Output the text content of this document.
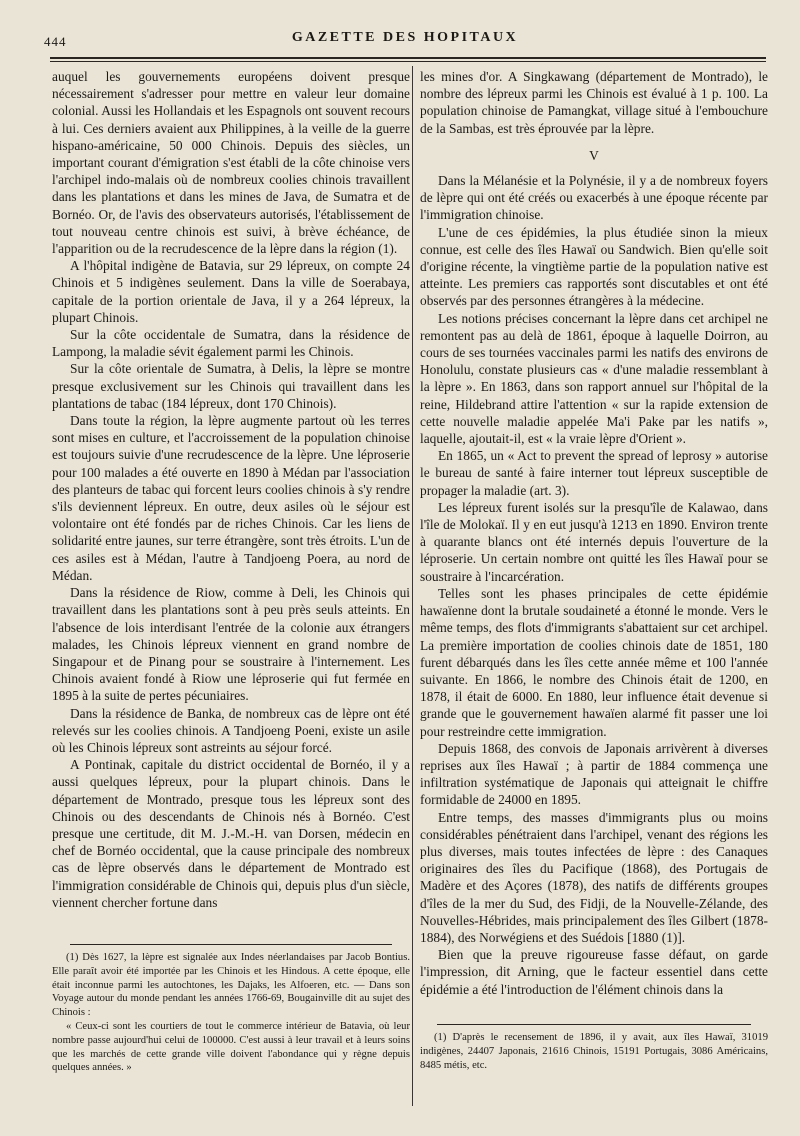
444	GAZETTE DES HOPITAUX

auquel les gouvernements européens doivent presque nécessairement s'adresser pour mettre en valeur leur domaine colonial. Aussi les Hollandais et les Espagnols ont souvent recours à lui. Ces derniers avaient aux Philippines, à la veille de la guerre hispano-américaine, 50 000 Chinois. Depuis des siècles, un important courant d'émigration s'est établi de la côte chinoise vers l'archipel indo-malais où de nombreux coolies chinois travaillent dans les plantations et dans les mines de Java, de Sumatra et de Bornéo. Or, de l'avis des observateurs autorisés, l'établissement de tout nouveau centre chinois est suivi, à brève échéance, de l'apparition ou de la recrudescence de la lèpre dans la région (1).

A l'hôpital indigène de Batavia, sur 29 lépreux, on compte 24 Chinois et 5 indigènes seulement. Dans la ville de Soerabaya, capitale de la portion orientale de Java, il y a 264 lépreux, la plupart Chinois.

Sur la côte occidentale de Sumatra, dans la résidence de Lampong, la maladie sévit également parmi les Chinois.

Sur la côte orientale de Sumatra, à Delis, la lèpre se montre presque exclusivement sur les Chinois qui travaillent dans les plantations de tabac (184 lépreux, dont 170 Chinois).

Dans toute la région, la lèpre augmente partout où les terres sont mises en culture, et l'accroissement de la population chinoise est toujours suivie d'une recrudescence de la lèpre. Une léproserie pour 100 malades a été ouverte en 1890 à Médan par l'association des planteurs de tabac qui forcent leurs coolies chinois à s'y rendre s'ils deviennent lépreux. En outre, deux asiles où le séjour est volontaire ont été fondés par de riches Chinois. Car les liens de solidarité entre jaunes, sur terre étrangère, sont très étroits. L'un de ces asiles est à Médan, l'autre à Tandjoeng Poera, au nord de Médan.

Dans la résidence de Riow, comme à Deli, les Chinois qui travaillent dans les plantations sont à peu près seuls atteints. En l'absence de lois interdisant l'entrée de la colonie aux étrangers malades, les Chinois lépreux viennent en grand nombre de Singapour et de Pinang pour se soustraire à l'internement. Les Chinois avaient fondé à Riow une léproserie qui fut fermée en 1895 à la suite de pertes pécuniaires.

Dans la résidence de Banka, de nombreux cas de lèpre ont été relevés sur les coolies chinois. A Tandjoeng Poeni, existe un asile où les Chinois lépreux sont astreints au séjour forcé.

A Pontinak, capitale du district occidental de Bornéo, il y a aussi quelques lépreux, pour la plupart chinois. Dans le département de Montrado, presque tous les lépreux sont des Chinois ou des descendants de Chinois nés à Bornéo. C'est presque une certitude, dit M. J.-M.-H. van Dorsen, médecin en chef de Bornéo occidental, que la cause principale des nombreux cas de lèpre observés dans le département de Montrado est l'immigration considérable de Chinois qui, depuis plus d'un siècle, viennent chercher fortune dans

(1) Dès 1627, la lèpre est signalée aux Indes néerlandaises par Jacob Bontius. Elle paraît avoir été importée par les Chinois et les Hindous. A cette époque, elle était inconnue parmi les autochtones, les Dajaks, les Alfoeren, etc. — Dans son Voyage autour du monde pendant les années 1766-69, Bougainville dit au sujet des Chinois :

« Ceux-ci sont les courtiers de tout le commerce intérieur de Batavia, où leur nombre passe aujourd'hui celui de 100000. C'est aussi à leur travail et à leurs soins que les marchés de cette grande ville doivent l'abondance qui y règne depuis quelques années. »

les mines d'or. A Singkawang (département de Montrado), le nombre des lépreux parmi les Chinois est évalué à 1 p. 100. La population chinoise de Pamangkat, village situé à l'embouchure de la Sambas, est très éprouvée par la lèpre.

V

Dans la Mélanésie et la Polynésie, il y a de nombreux foyers de lèpre qui ont été créés ou exacerbés à une époque récente par l'immigration chinoise.

L'une de ces épidémies, la plus étudiée sinon la mieux connue, est celle des îles Hawaï ou Sandwich. Bien qu'elle soit d'origine récente, la vingtième partie de la population native est atteinte. Les premiers cas rapportés sont discutables et ont été observés par des personnes étrangères à la médecine.

Les notions précises concernant la lèpre dans cet archipel ne remontent pas au delà de 1861, époque à laquelle Doirron, au cours de ses tournées vaccinales parmi les natifs des environs de Honolulu, constate plusieurs cas « d'une maladie ressemblant à la lèpre ». En 1863, dans son rapport annuel sur l'hôpital de la reine, Hildebrand attire l'attention « sur la rapide extension de cette nouvelle maladie appelée Ma'i Pake par les natifs », laquelle, ajoutait-il, est « la vraie lèpre d'Orient ».

En 1865, un « Act to prevent the spread of leprosy » autorise le bureau de santé à faire interner tout lépreux susceptible de propager la maladie (art. 3).

Les lépreux furent isolés sur la presqu'île de Kalawao, dans l'île de Molokaï. Il y en eut jusqu'à 1213 en 1890. Environ trente à quarante blancs ont été internés depuis l'ouverture de la léproserie. Un certain nombre ont quitté les îles Hawaï pour se soustraire à l'incarcération.

Telles sont les phases principales de cette épidémie hawaïenne dont la brutale soudaineté a étonné le monde. Vers le même temps, des flots d'immigrants s'abattaient sur cet archipel. La première importation de coolies chinois date de 1851, 180 furent débarqués dans les îles cette année même et 100 l'année suivante. En 1866, le nombre des Chinois était de 1200, en 1878, il était de 6000. En 1880, leur influence était devenue si grande que le gouvernement hawaïen alarmé fit passer une loi pour restreindre cette immigration.

Depuis 1868, des convois de Japonais arrivèrent à diverses reprises aux îles Hawaï ; à partir de 1884 commença une infiltration systématique de Japonais qui atteignait le chiffre formidable de 24000 en 1895.

Entre temps, des masses d'immigrants plus ou moins considérables pénétraient dans l'archipel, venant des régions les plus diverses, mais toutes infectées de lèpre : des Canaques originaires des îles du Pacifique (1868), des Portugais de Madère et des Açores (1878), des natifs de différents groupes d'îles de la mer du Sud, des Fidji, de la Nouvelle-Zélande, des Nouvelles-Hébrides, mais principalement des îles Gilbert (1878-1884), des Norwégiens et des Suédois [1880 (1)].

Bien que la preuve rigoureuse fasse défaut, on garde l'impression, dit Arning, que le facteur essentiel dans cette épidémie a été l'introduction de l'élément chinois dans la

(1) D'après le recensement de 1896, il y avait, aux îles Hawaï, 31019 indigènes, 24407 Japonais, 21616 Chinois, 15191 Portugais, 3086 Américains, 8485 métis, etc.
